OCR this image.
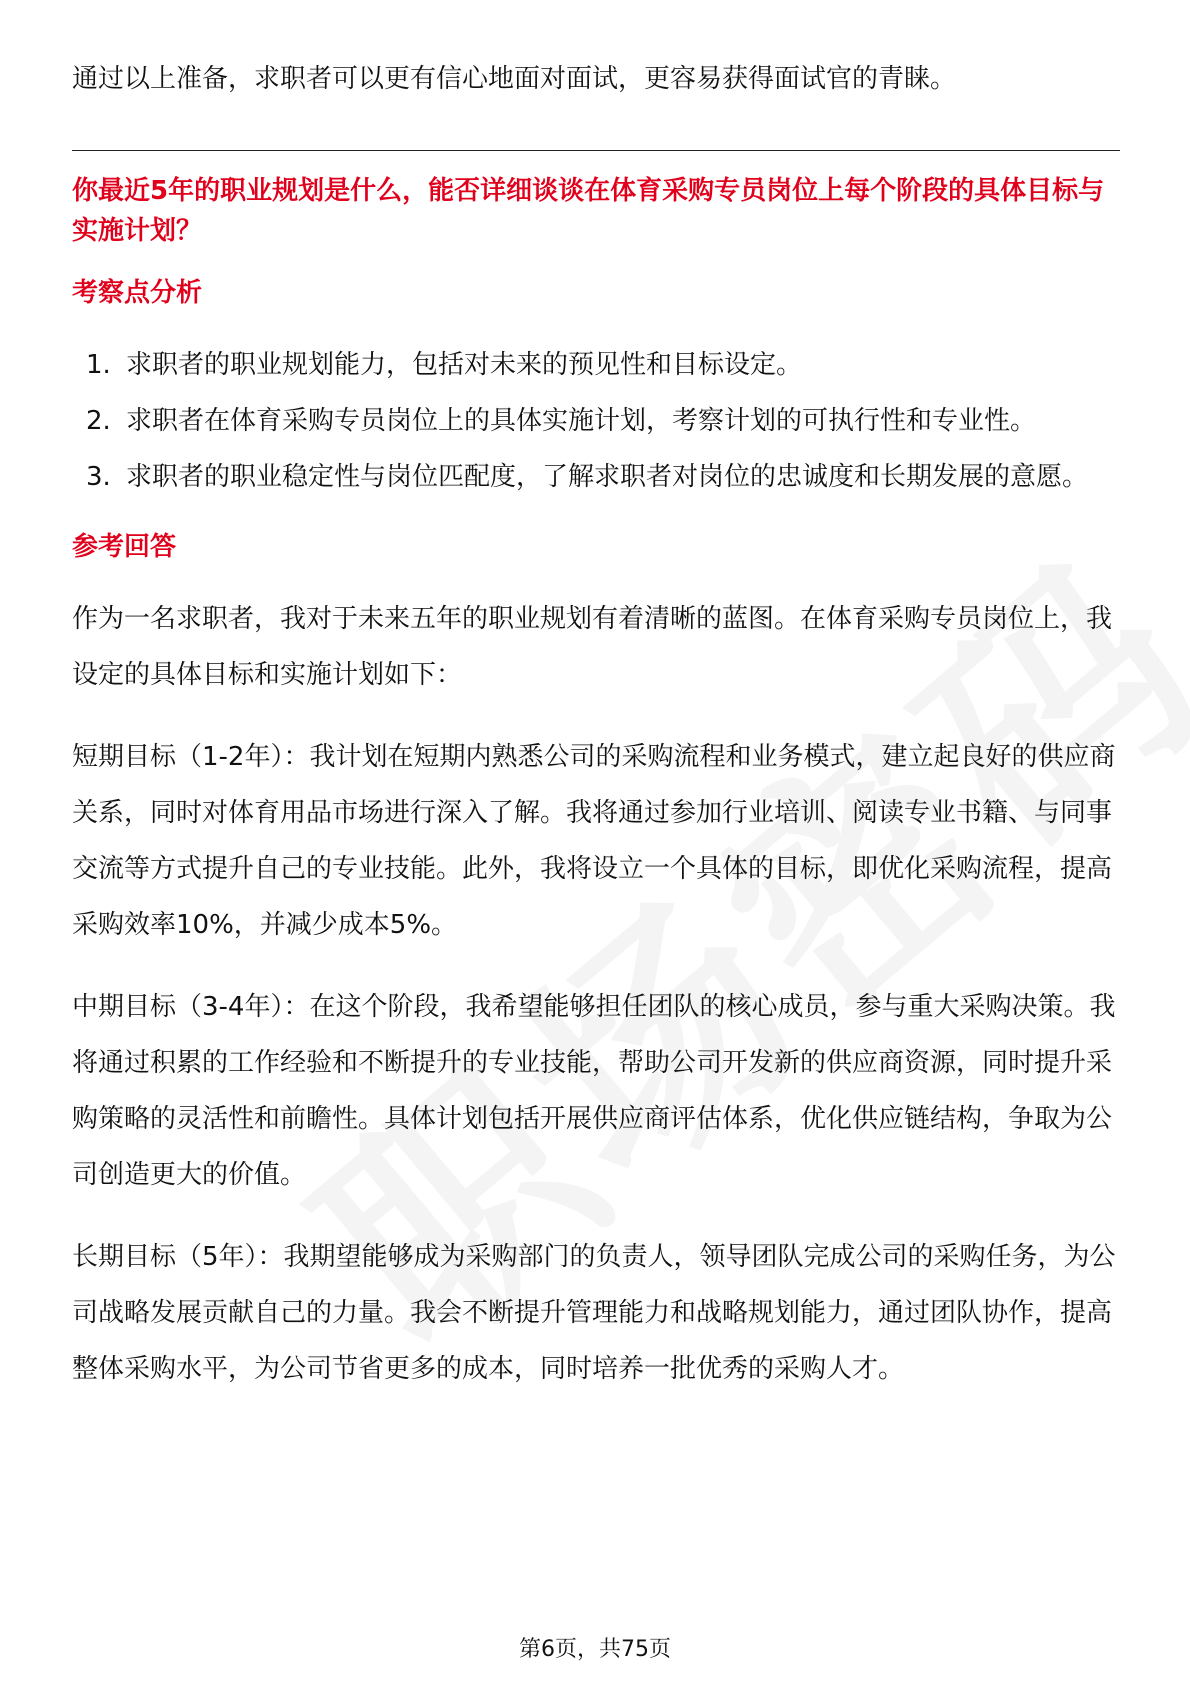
通过以上准备，求职者可以更有信心地面对面试，更容易获得面试官的青睐。

你最近5年的职业规划是什么，能否详细谈谈在体育采购专员岗位上每个阶段的具体目标与实施计划？

考察点分析
1. 求职者的职业规划能力，包括对未来的预见性和目标设定。
2. 求职者在体育采购专员岗位上的具体实施计划，考察计划的可执行性和专业性。
3. 求职者的职业稳定性与岗位匹配度，了解求职者对岗位的忠诚度和长期发展的意愿。
参考回答

作为一名求职者，我对于未来五年的职业规划有着清晰的蓝图。在体育采购专员岗位上，我设定的具体目标和实施计划如下：

短期目标（1-2年）：我计划在短期内熟悉公司的采购流程和业务模式，建立起良好的供应商关系，同时对体育用品市场进行深入了解。我将通过参加行业培训、阅读专业书籍、与同事交流等方式提升自己的专业技能。此外，我将设立一个具体的目标，即优化采购流程，提高采购效率10%，并减少成本5%。

中期目标（3-4年）：在这个阶段，我希望能够担任团队的核心成员，参与重大采购决策。我将通过积累的工作经验和不断提升的专业技能，帮助公司开发新的供应商资源，同时提升采购策略的灵活性和前瞻性。具体计划包括开展供应商评估体系，优化供应链结构，争取为公司创造更大的价值。

长期目标（5年）：我期望能够成为采购部门的负责人，领导团队完成公司的采购任务，为公司战略发展贡献自己的力量。我会不断提升管理能力和战略规划能力，通过团队协作，提高整体采购水平，为公司节省更多的成本，同时培养一批优秀的采购人才。

第6页，共75页
